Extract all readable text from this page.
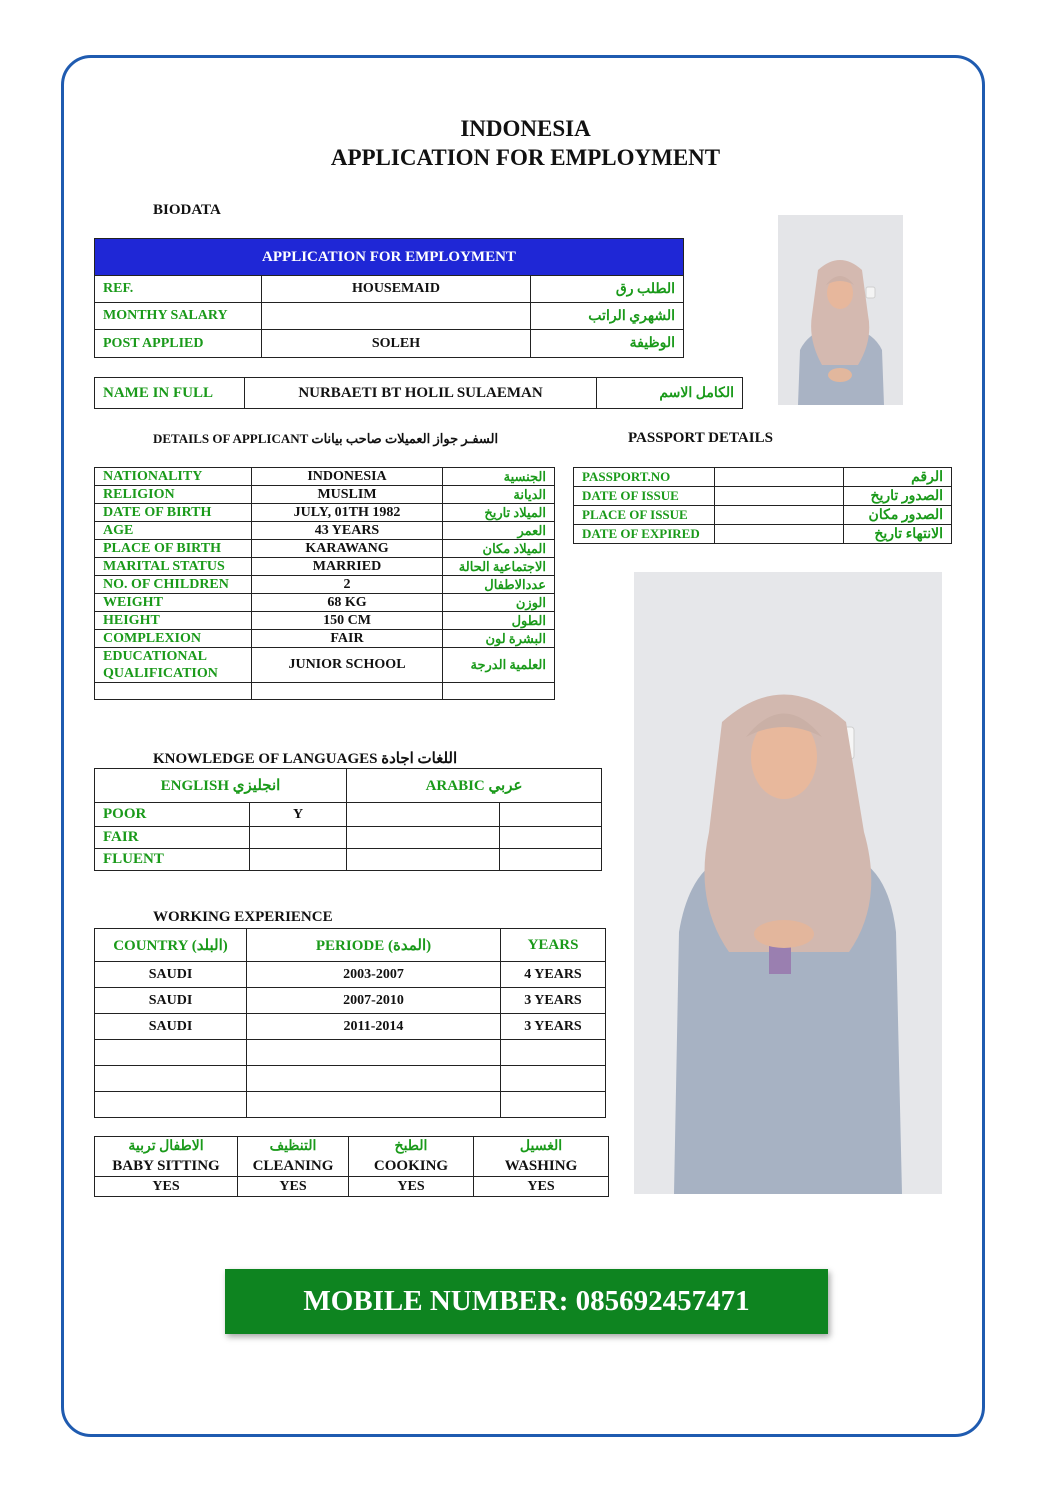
INDONESIA
APPLICATION FOR EMPLOYMENT
BIODATA
APPLICATION FOR EMPLOYMENT		
REF.	HOUSEMAID	الطلب رق
MONTHY SALARY		الشهري الراتب
POST APPLIED	SOLEH	الوظيفة
NAME IN FULL	NURBAETI BT HOLIL SULAEMAN	الكامل الاسم
DETAILS OF APPLICANT السفـر جواز العميلات صاحب بيانات	PASSPORT DETAILS
NATIONALITY	INDONESIA	الجنسية
RELIGION	MUSLIM	الديانة
DATE OF BIRTH	JULY, 01TH 1982	الميلاد تاريخ
AGE	43 YEARS	العمر
PLACE OF BIRTH	KARAWANG	الميلاد مكان
MARITAL STATUS	MARRIED	الاجتماعية الحالة
NO. OF CHILDREN	2	عددالاطفال
WEIGHT	68 KG	الوزن
HEIGHT	150 CM	الطول
COMPLEXION	FAIR	البشرة لون
EDUCATIONAL QUALIFICATION	JUNIOR SCHOOL	العلمية الدرجة

PASSPORT.NO		الرقم
DATE OF ISSUE		الصدور تاريخ
PLACE OF ISSUE		الصدور مكان
DATE OF EXPIRED		الانتهاء تاريخ
KNOWLEDGE OF LANGUAGES اللغات اجادة
ENGLISH انجليزي		ARABIC عربي	
POOR	Y		
FAIR			
FLUENT			
WORKING EXPERIENCE
COUNTRY (البلد)	PERIODE (المدة)	YEARS
SAUDI	2003-2007	4 YEARS
SAUDI	2007-2010	3 YEARS
SAUDI	2011-2014	3 YEARS

الاطفال تربية	التنظيف	الطبخ	الغسيل
BABY SITTING	CLEANING	COOKING	WASHING
YES	YES	YES	YES
MOBILE NUMBER: 085692457471
